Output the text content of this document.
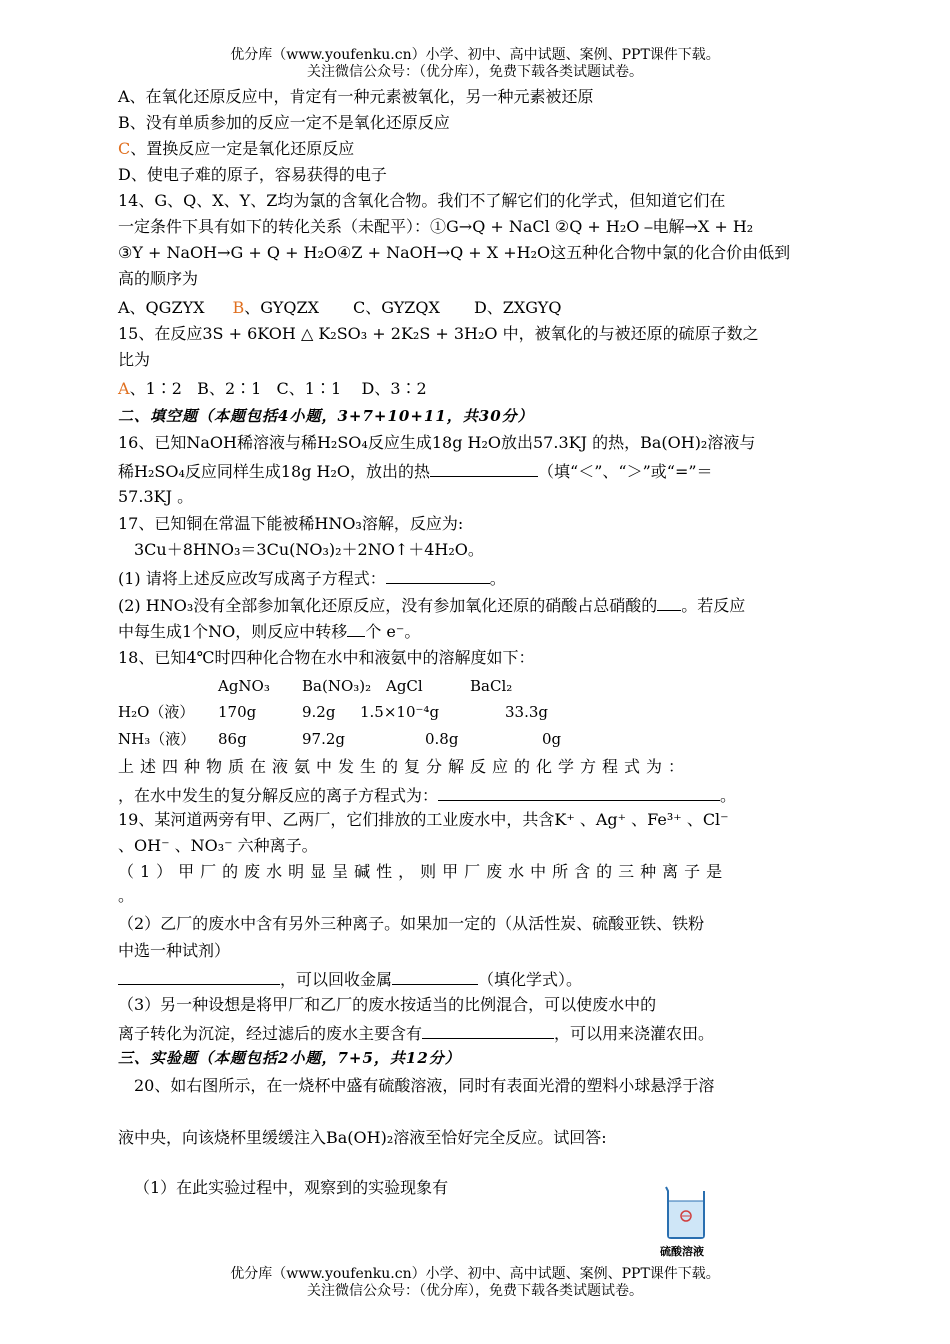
优分库（www.youfenku.cn）小学、初中、高中试题、案例、PPT课件下载。
关注微信公众号：（优分库），免费下载各类试题试卷。
A、在氧化还原反应中，肯定有一种元素被氧化，另一种元素被还原
B、没有单质参加的反应一定不是氧化还原反应
C、置换反应一定是氧化还原反应
D、使电子难的原子，容易获得的电子
14、G、Q、X、Y、Z均为氯的含氧化合物。我们不了解它们的化学式，但知道它们在
一定条件下具有如下的转化关系（未配平）：①G→Q + NaCl ②Q + H₂O ⎯电解→X + H₂
③Y + NaOH→G + Q + H₂O④Z + NaOH→Q + X +H₂O这五种化合物中氯的化合价由低到
高的顺序为
A、QGZYX B、GYQZX C、GYZQX D、ZXGYQ
15、在反应3S + 6KOH △ K₂SO₃ + 2K₂S + 3H₂O 中，被氧化的与被还原的硫原子数之
比为
A、1∶2   B、2∶1   C、1∶1    D、3∶2
二、填空题（本题包括4小题，3+7+10+11，共30分）
16、已知NaOH稀溶液与稀H₂SO₄反应生成18g H₂O放出57.3KJ 的热，Ba(OH)₂溶液与
稀H₂SO₄反应同样生成18g H₂O，放出的热	（填“＜”、“＞”或“=”＝
57.3KJ 。
17、已知铜在常温下能被稀HNO₃溶解，反应为:
3Cu＋8HNO₃＝3Cu(NO₃)₂＋2NO↑＋4H₂O。
(1) 请将上述反应改写成离子方程式：	。
(2) HNO₃没有全部参加氧化还原反应，没有参加氧化还原的硝酸占总硝酸的 。若反应
中每生成1个NO，则反应中转移 个 e⁻。
18、已知4℃时四种化合物在水中和液氨中的溶解度如下：
AgNO₃ Ba(NO₃)₂ AgCl	BaCl₂
H₂O（液） 170g	9.2g 1.5×10⁻⁴g	33.3g
NH₃（液） 86g	97.2g	0.8g	0g
上述四种物质在液氨中发生的复分解反应的化学方程式为：
，在水中发生的复分解反应的离子方程式为：	。
19、某河道两旁有甲、乙两厂，它们排放的工业废水中，共含K⁺ 、Ag⁺ 、Fe³⁺ 、Cl⁻
、OH⁻ 、NO₃⁻ 六种离子。
（1）甲厂的废水明显呈碱性，则甲厂废水中所含的三种离子是
。
（2）乙厂的废水中含有另外三种离子。如果加一定的（从活性炭、硫酸亚铁、铁粉
中选一种试剂）
，可以回收金属	（填化学式）。
（3）另一种设想是将甲厂和乙厂的废水按适当的比例混合，可以使废水中的
离子转化为沉淀，经过滤后的废水主要含有	，可以用来浇灌农田。
三、实验题（本题包括2小题，7+5，共12分）
20、如右图所示，在一烧杯中盛有硫酸溶液，同时有表面光滑的塑料小球悬浮于溶
液中央，向该烧杯里缓缓注入Ba(OH)₂溶液至恰好完全反应。试回答:
（1）在此实验过程中，观察到的实验现象有
硫酸溶液
优分库（www.youfenku.cn）小学、初中、高中试题、案例、PPT课件下载。
关注微信公众号：（优分库），免费下载各类试题试卷。
